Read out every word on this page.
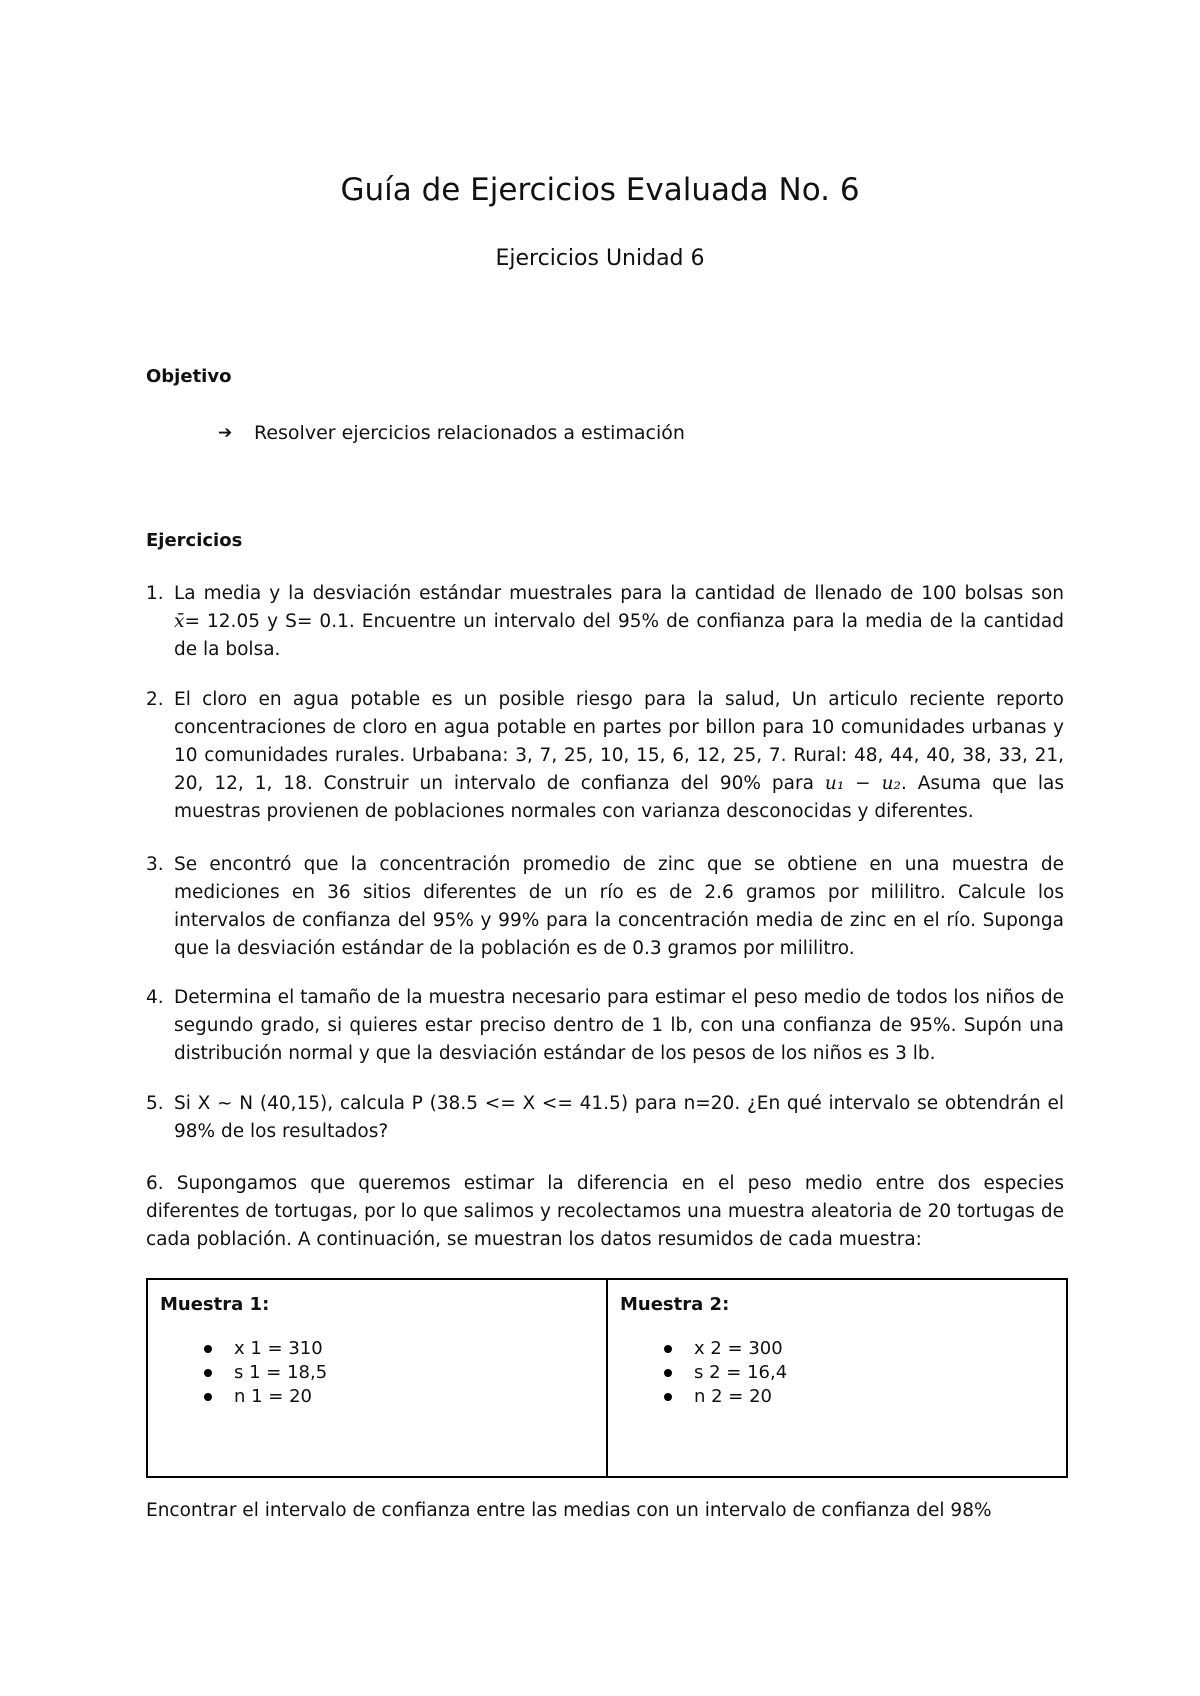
Guía de Ejercicios Evaluada No. 6
Ejercicios Unidad 6
Objetivo
➔	Resolver ejercicios relacionados a estimación
Ejercicios
1. La media y la desviación estándar muestrales para la cantidad de llenado de 100 bolsas son x̄= 12.05 y S= 0.1. Encuentre un intervalo del 95% de confianza para la media de la cantidad de la bolsa.
2. El cloro en agua potable es un posible riesgo para la salud, Un articulo reciente reporto concentraciones de cloro en agua potable en partes por billon para 10 comunidades urbanas y 10 comunidades rurales. Urbabana: 3, 7, 25, 10, 15, 6, 12, 25, 7. Rural: 48, 44, 40, 38, 33, 21, 20, 12, 1, 18. Construir un intervalo de confianza del 90% para u₁ − u₂. Asuma que las muestras provienen de poblaciones normales con varianza desconocidas y diferentes.
3. Se encontró que la concentración promedio de zinc que se obtiene en una muestra de mediciones en 36 sitios diferentes de un río es de 2.6 gramos por mililitro. Calcule los intervalos de confianza del 95% y 99% para la concentración media de zinc en el río. Suponga que la desviación estándar de la población es de 0.3 gramos por mililitro.
4. Determina el tamaño de la muestra necesario para estimar el peso medio de todos los niños de segundo grado, si quieres estar preciso dentro de 1 lb, con una confianza de 95%. Supón una distribución normal y que la desviación estándar de los pesos de los niños es 3 lb.
5. Si X ~ N (40,15), calcula P (38.5 <= X <= 41.5) para n=20. ¿En qué intervalo se obtendrán el 98% de los resultados?
6. Supongamos que queremos estimar la diferencia en el peso medio entre dos especies diferentes de tortugas, por lo que salimos y recolectamos una muestra aleatoria de 20 tortugas de cada población. A continuación, se muestran los datos resumidos de cada muestra:
Muestra 1:
x 1 = 310
s 1 = 18,5
n 1 = 20

Muestra 2:
x 2 = 300
s 2 = 16,4
n 2 = 20
Encontrar el intervalo de confianza entre las medias con un intervalo de confianza del 98%
